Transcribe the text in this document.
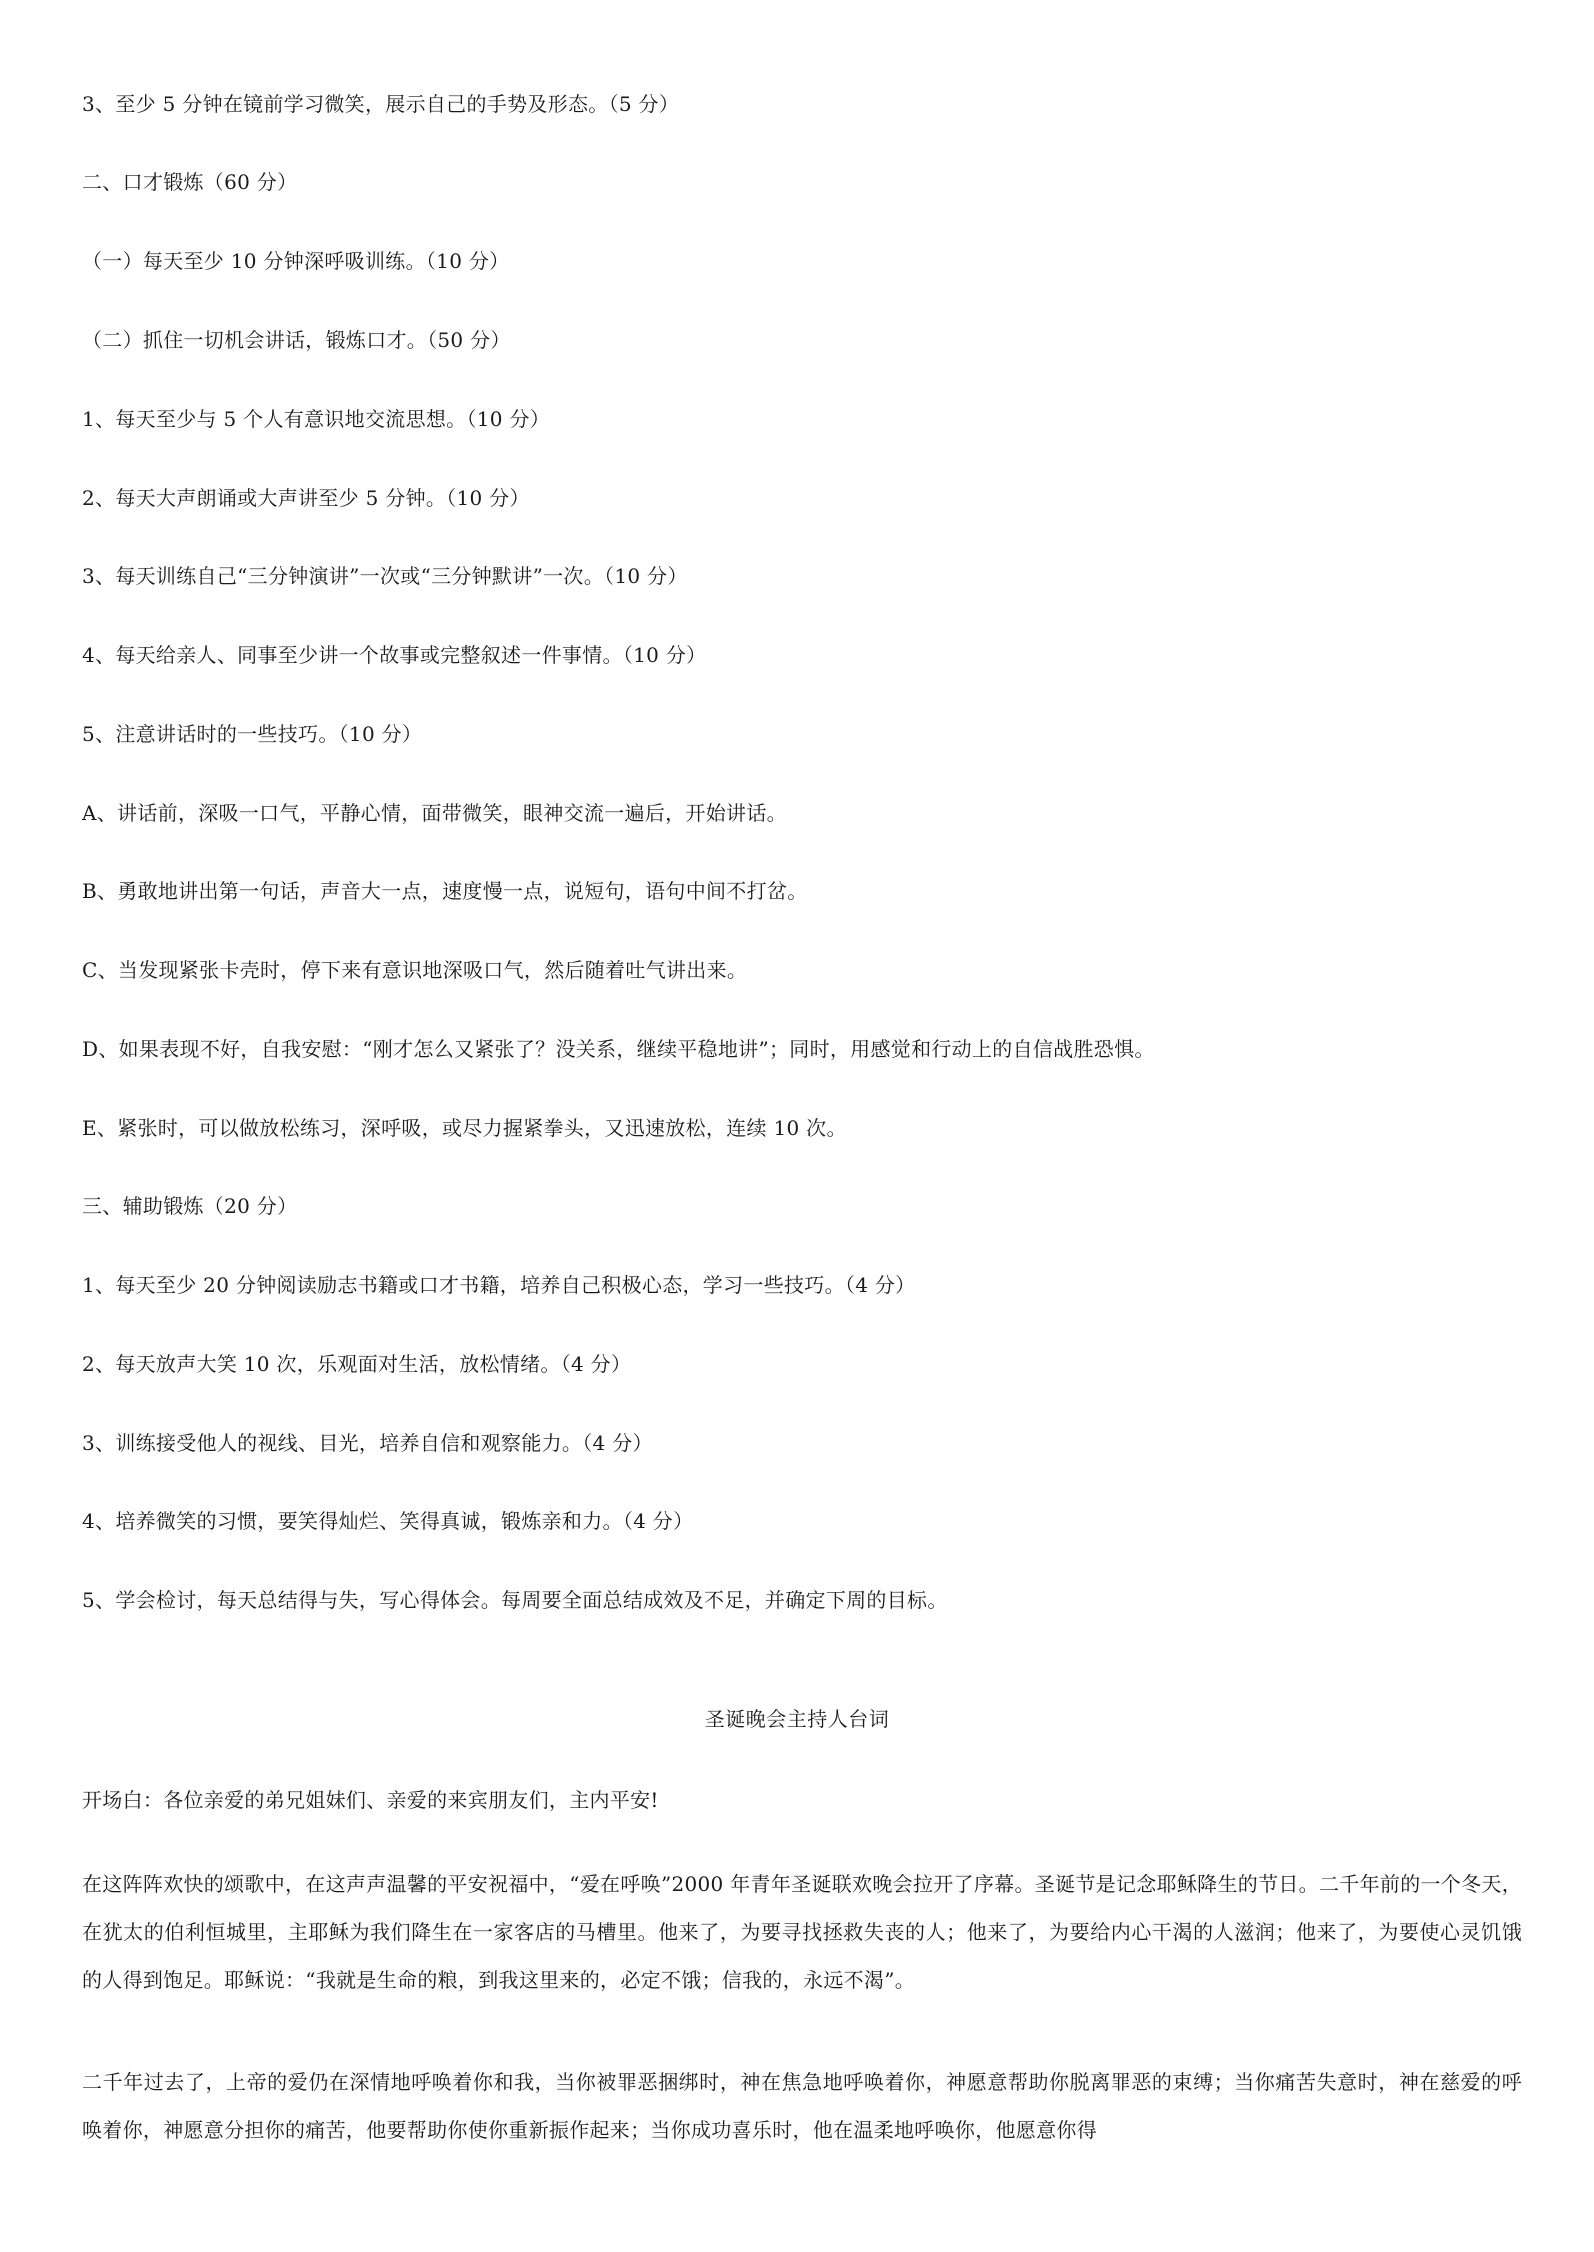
3、至少 5 分钟在镜前学习微笑，展示自己的手势及形态。（5 分）
二、口才锻炼（60 分）
（一）每天至少 10 分钟深呼吸训练。（10 分）
（二）抓住一切机会讲话，锻炼口才。（50 分）
1、每天至少与 5 个人有意识地交流思想。（10 分）
2、每天大声朗诵或大声讲至少 5 分钟。（10 分）
3、每天训练自己“三分钟演讲”一次或“三分钟默讲”一次。（10 分）
4、每天给亲人、同事至少讲一个故事或完整叙述一件事情。（10 分）
5、注意讲话时的一些技巧。（10 分）
A、讲话前，深吸一口气，平静心情，面带微笑，眼神交流一遍后，开始讲话。
B、勇敢地讲出第一句话，声音大一点，速度慢一点，说短句，语句中间不打岔。
C、当发现紧张卡壳时，停下来有意识地深吸口气，然后随着吐气讲出来。
D、如果表现不好，自我安慰：“刚才怎么又紧张了？没关系，继续平稳地讲”；同时，用感觉和行动上的自信战胜恐惧。
E、紧张时，可以做放松练习，深呼吸，或尽力握紧拳头，又迅速放松，连续 10 次。
三、辅助锻炼（20 分）
1、每天至少 20 分钟阅读励志书籍或口才书籍，培养自己积极心态，学习一些技巧。（4 分）
2、每天放声大笑 10 次，乐观面对生活，放松情绪。（4 分）
3、训练接受他人的视线、目光，培养自信和观察能力。（4 分）
4、培养微笑的习惯，要笑得灿烂、笑得真诚，锻炼亲和力。（4 分）
5、学会检讨，每天总结得与失，写心得体会。每周要全面总结成效及不足，并确定下周的目标。
圣诞晚会主持人台词
开场白：各位亲爱的弟兄姐妹们、亲爱的来宾朋友们，主内平安!
在这阵阵欢快的颂歌中，在这声声温馨的平安祝福中，“爱在呼唤”2000 年青年圣诞联欢晚会拉开了序幕。圣诞节是记念耶稣降生的节日。二千年前的一个冬天，在犹太的伯利恒城里，主耶稣为我们降生在一家客店的马槽里。他来了，为要寻找拯救失丧的人；他来了，为要给内心干渴的人滋润；他来了，为要使心灵饥饿的人得到饱足。耶稣说：“我就是生命的粮，到我这里来的，必定不饿；信我的，永远不渴”。
二千年过去了，上帝的爱仍在深情地呼唤着你和我，当你被罪恶捆绑时，神在焦急地呼唤着你，神愿意帮助你脱离罪恶的束缚；当你痛苦失意时，神在慈爱的呼唤着你，神愿意分担你的痛苦，他要帮助你使你重新振作起来；当你成功喜乐时，他在温柔地呼唤你，他愿意你得
